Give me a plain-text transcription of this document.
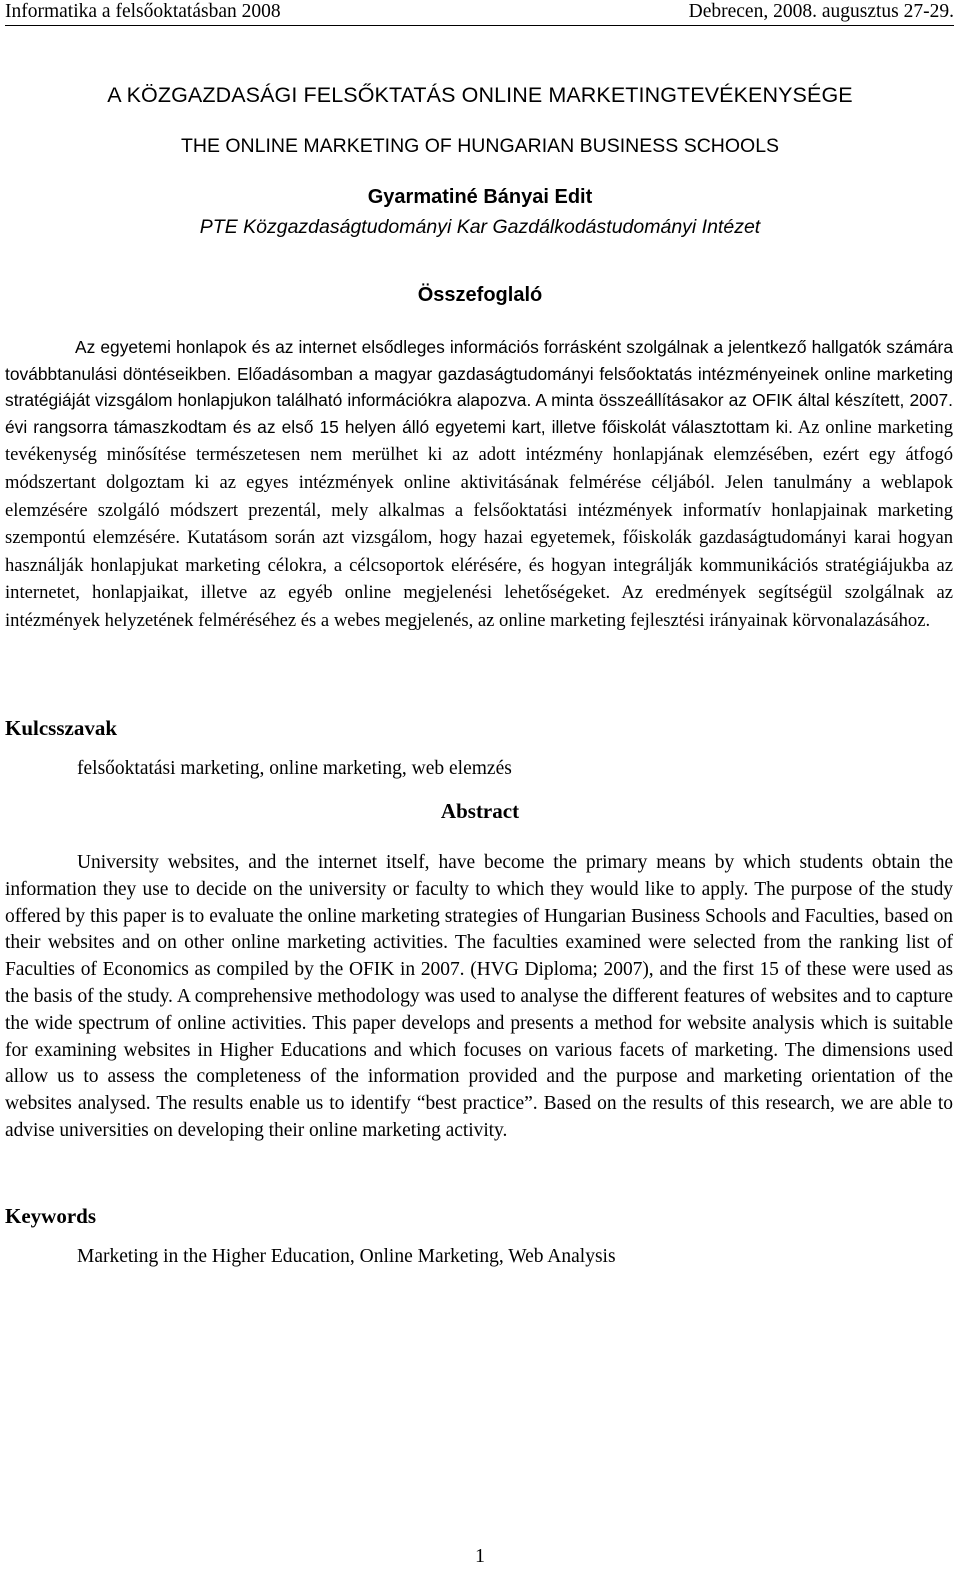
Informatika a felsőoktatásban 2008	Debrecen, 2008. augusztus 27-29.
A KÖZGAZDASÁGI FELSŐKTATÁS ONLINE MARKETINGTEVÉKENYSÉGE
THE ONLINE MARKETING OF HUNGARIAN BUSINESS SCHOOLS
Gyarmatiné Bányai Edit
PTE Közgazdaságtudományi Kar Gazdálkodástudományi Intézet
Összefoglaló

Az egyetemi honlapok és az internet elsődleges információs forrásként szolgálnak a jelentkező hallgatók számára továbbtanulási döntéseikben. Előadásomban a magyar gazdaságtudományi felsőoktatás intézményeinek online marketing stratégiáját vizsgálom honlapjukon található információkra alapozva. A minta összeállításakor az OFIK által készített, 2007. évi rangsorra támaszkodtam és az első 15 helyen álló egyetemi kart, illetve főiskolát választottam ki. Az online marketing tevékenység minősítése természetesen nem merülhet ki az adott intézmény honlapjának elemzésében, ezért egy átfogó módszertant dolgoztam ki az egyes intézmények online aktivitásának felmérése céljából. Jelen tanulmány a weblapok elemzésére szolgáló módszert prezentál, mely alkalmas a felsőoktatási intézmények informatív honlapjainak marketing szempontú elemzésére. Kutatásom során azt vizsgálom, hogy hazai egyetemek, főiskolák gazdaságtudományi karai hogyan használják honlapjukat marketing célokra, a célcsoportok elérésére, és hogyan integrálják kommunikációs stratégiájukba az internetet, honlapjaikat, illetve az egyéb online megjelenési lehetőségeket. Az eredmények segítségül szolgálnak az intézmények helyzetének felméréséhez és a webes megjelenés, az online marketing fejlesztési irányainak körvonalazásához.

Kulcsszavak
felsőoktatási marketing, online marketing, web elemzés
Abstract

University websites, and the internet itself, have become the primary means by which students obtain the information they use to decide on the university or faculty to which they would like to apply. The purpose of the study offered by this paper is to evaluate the online marketing strategies of Hungarian Business Schools and Faculties, based on their websites and on other online marketing activities. The faculties examined were selected from the ranking list of Faculties of Economics as compiled by the OFIK in 2007. (HVG Diploma; 2007), and the first 15 of these were used as the basis of the study. A comprehensive methodology was used to analyse the different features of websites and to capture the wide spectrum of online activities. This paper develops and presents a method for website analysis which is suitable for examining websites in Higher Educations and which focuses on various facets of marketing. The dimensions used allow us to assess the completeness of the information provided and the purpose and marketing orientation of the websites analysed. The results enable us to identify “best practice”. Based on the results of this research, we are able to advise universities on developing their online marketing activity.

Keywords
Marketing in the Higher Education, Online Marketing, Web Analysis
1
